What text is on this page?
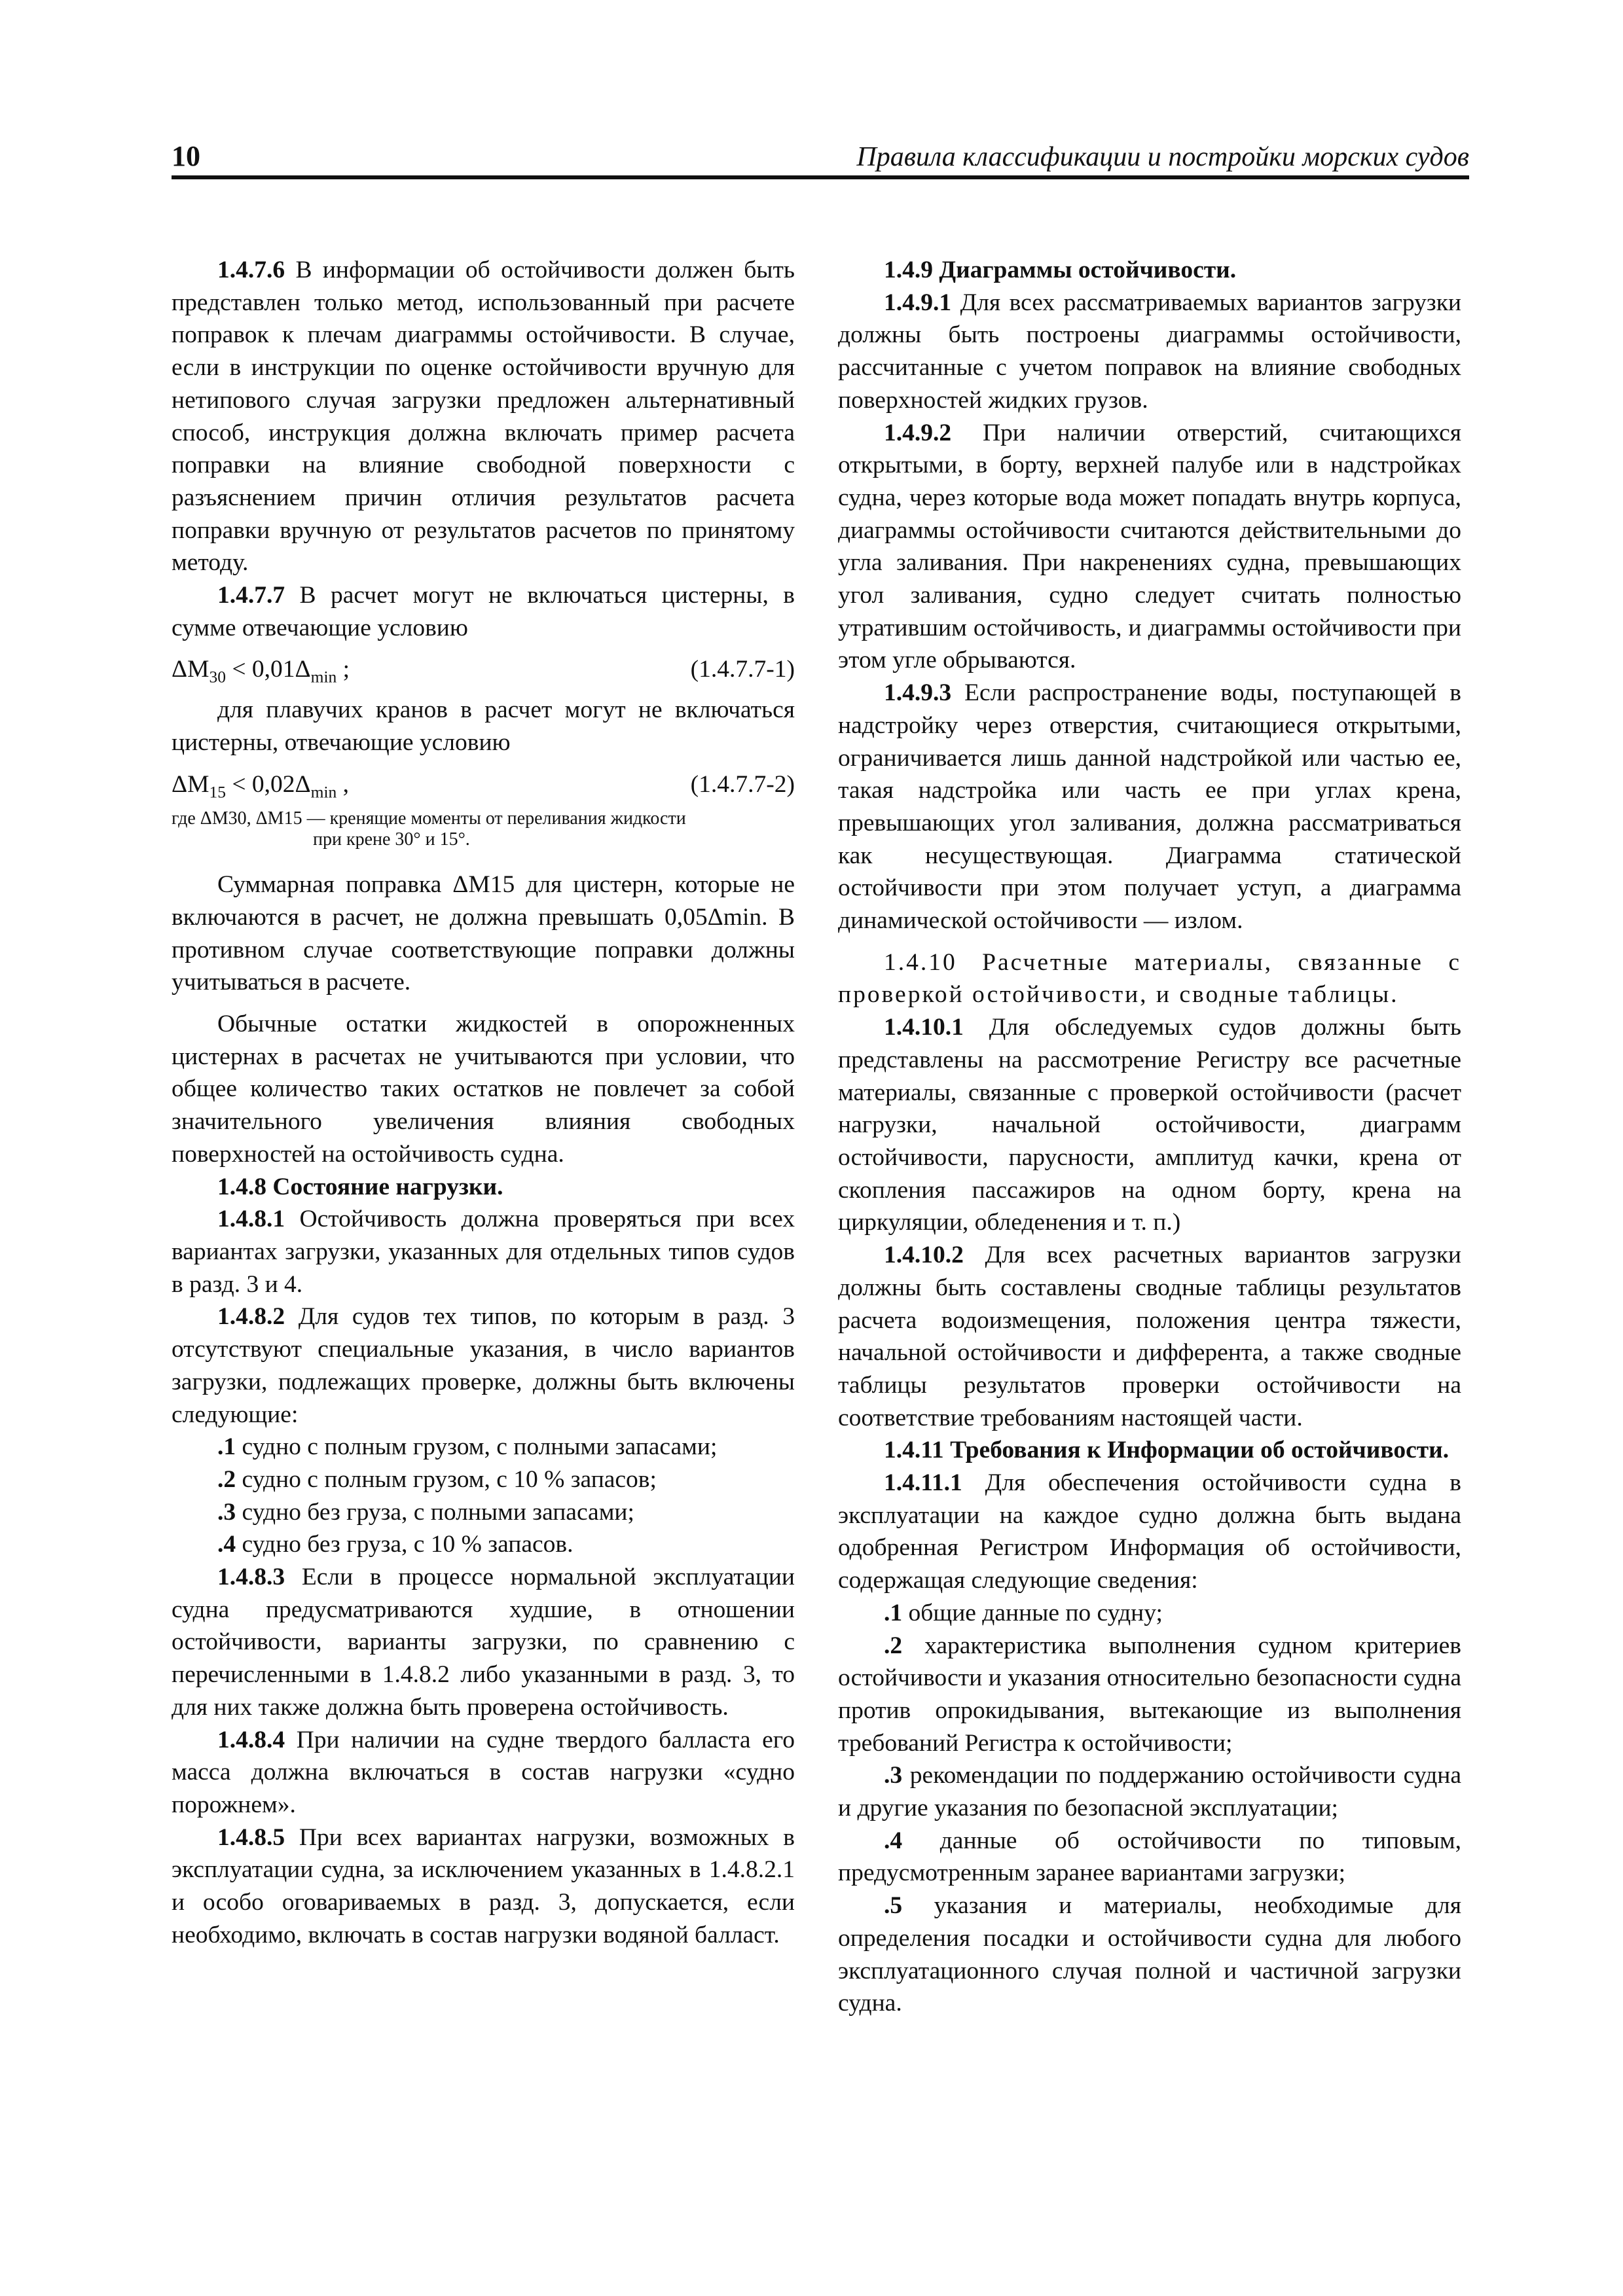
10	Правила классификации и постройки морских судов

1.4.7.6 В информации об остойчивости должен быть представлен только метод, использованный при расчете поправок к плечам диаграммы остойчивости. В случае, если в инструкции по оценке остойчивости вручную для нетипового случая загрузки предложен альтернативный способ, инструкция должна включать пример расчета поправки на влияние свободной поверхности с разъяснением причин отличия результатов расчета поправки вручную от результатов расчетов по принятому методу.

1.4.7.7 В расчет могут не включаться цистерны, в сумме отвечающие условию

$\Delta M_{30} < 0,01\Delta_{min}$ ;	(1.4.7.7-1)

для плавучих кранов в расчет могут не включаться цистерны, отвечающие условию

$\Delta M_{15} < 0,02\Delta_{min}$ ,	(1.4.7.7-2)
где ΔM30, ΔM15 — кренящие моменты от переливания жидкости
при крене 30° и 15°.

Суммарная поправка ΔM15 для цистерн, которые не включаются в расчет, не должна превышать 0,05Δmin. В противном случае соответствующие поправки должны учитываться в расчете.

Обычные остатки жидкостей в опорожненных цистернах в расчетах не учитываются при условии, что общее количество таких остатков не повлечет за собой значительного увеличения влияния свободных поверхностей на остойчивость судна.

1.4.8 Состояние нагрузки.

1.4.8.1 Остойчивость должна проверяться при всех вариантах загрузки, указанных для отдельных типов судов в разд. 3 и 4.

1.4.8.2 Для судов тех типов, по которым в разд. 3 отсутствуют специальные указания, в число вариантов загрузки, подлежащих проверке, должны быть включены следующие:

.1 судно с полным грузом, с полными запасами;

.2 судно с полным грузом, с 10 % запасов;

.3 судно без груза, с полными запасами;

.4 судно без груза, с 10 % запасов.

1.4.8.3 Если в процессе нормальной эксплуатации судна предусматриваются худшие, в отношении остойчивости, варианты загрузки, по сравнению с перечисленными в 1.4.8.2 либо указанными в разд. 3, то для них также должна быть проверена остойчивость.

1.4.8.4 При наличии на судне твердого балласта его масса должна включаться в состав нагрузки «судно порожнем».

1.4.8.5 При всех вариантах нагрузки, возможных в эксплуатации судна, за исключением указанных в 1.4.8.2.1 и особо оговариваемых в разд. 3, допускается, если необходимо, включать в состав нагрузки водяной балласт.

1.4.9 Диаграммы остойчивости.

1.4.9.1 Для всех рассматриваемых вариантов загрузки должны быть построены диаграммы остойчивости, рассчитанные с учетом поправок на влияние свободных поверхностей жидких грузов.

1.4.9.2 При наличии отверстий, считающихся открытыми, в борту, верхней палубе или в надстройках судна, через которые вода может попадать внутрь корпуса, диаграммы остойчивости считаются действительными до угла заливания. При накренениях судна, превышающих угол заливания, судно следует считать полностью утратившим остойчивость, и диаграммы остойчивости при этом угле обрываются.

1.4.9.3 Если распространение воды, поступающей в надстройку через отверстия, считающиеся открытыми, ограничивается лишь данной надстройкой или частью ее, такая надстройка или часть ее при углах крена, превышающих угол заливания, должна рассматриваться как несуществующая. Диаграмма статической остойчивости при этом получает уступ, а диаграмма динамической остойчивости — излом.

1.4.10 Расчетные материалы, связанные с проверкой остойчивости, и сводные таблицы.

1.4.10.1 Для обследуемых судов должны быть представлены на рассмотрение Регистру все расчетные материалы, связанные с проверкой остойчивости (расчет нагрузки, начальной остойчивости, диаграмм остойчивости, парусности, амплитуд качки, крена от скопления пассажиров на одном борту, крена на циркуляции, обледенения и т. п.)

1.4.10.2 Для всех расчетных вариантов загрузки должны быть составлены сводные таблицы результатов расчета водоизмещения, положения центра тяжести, начальной остойчивости и дифферента, а также сводные таблицы результатов проверки остойчивости на соответствие требованиям настоящей части.

1.4.11 Требования к Информации об остойчивости.

1.4.11.1 Для обеспечения остойчивости судна в эксплуатации на каждое судно должна быть выдана одобренная Регистром Информация об остойчивости, содержащая следующие сведения:

.1 общие данные по судну;

.2 характеристика выполнения судном критериев остойчивости и указания относительно безопасности судна против опрокидывания, вытекающие из выполнения требований Регистра к остойчивости;

.3 рекомендации по поддержанию остойчивости судна и другие указания по безопасной эксплуатации;

.4 данные об остойчивости по типовым, предусмотренным заранее вариантами загрузки;

.5 указания и материалы, необходимые для определения посадки и остойчивости судна для любого эксплуатационного случая полной и частичной загрузки судна.
